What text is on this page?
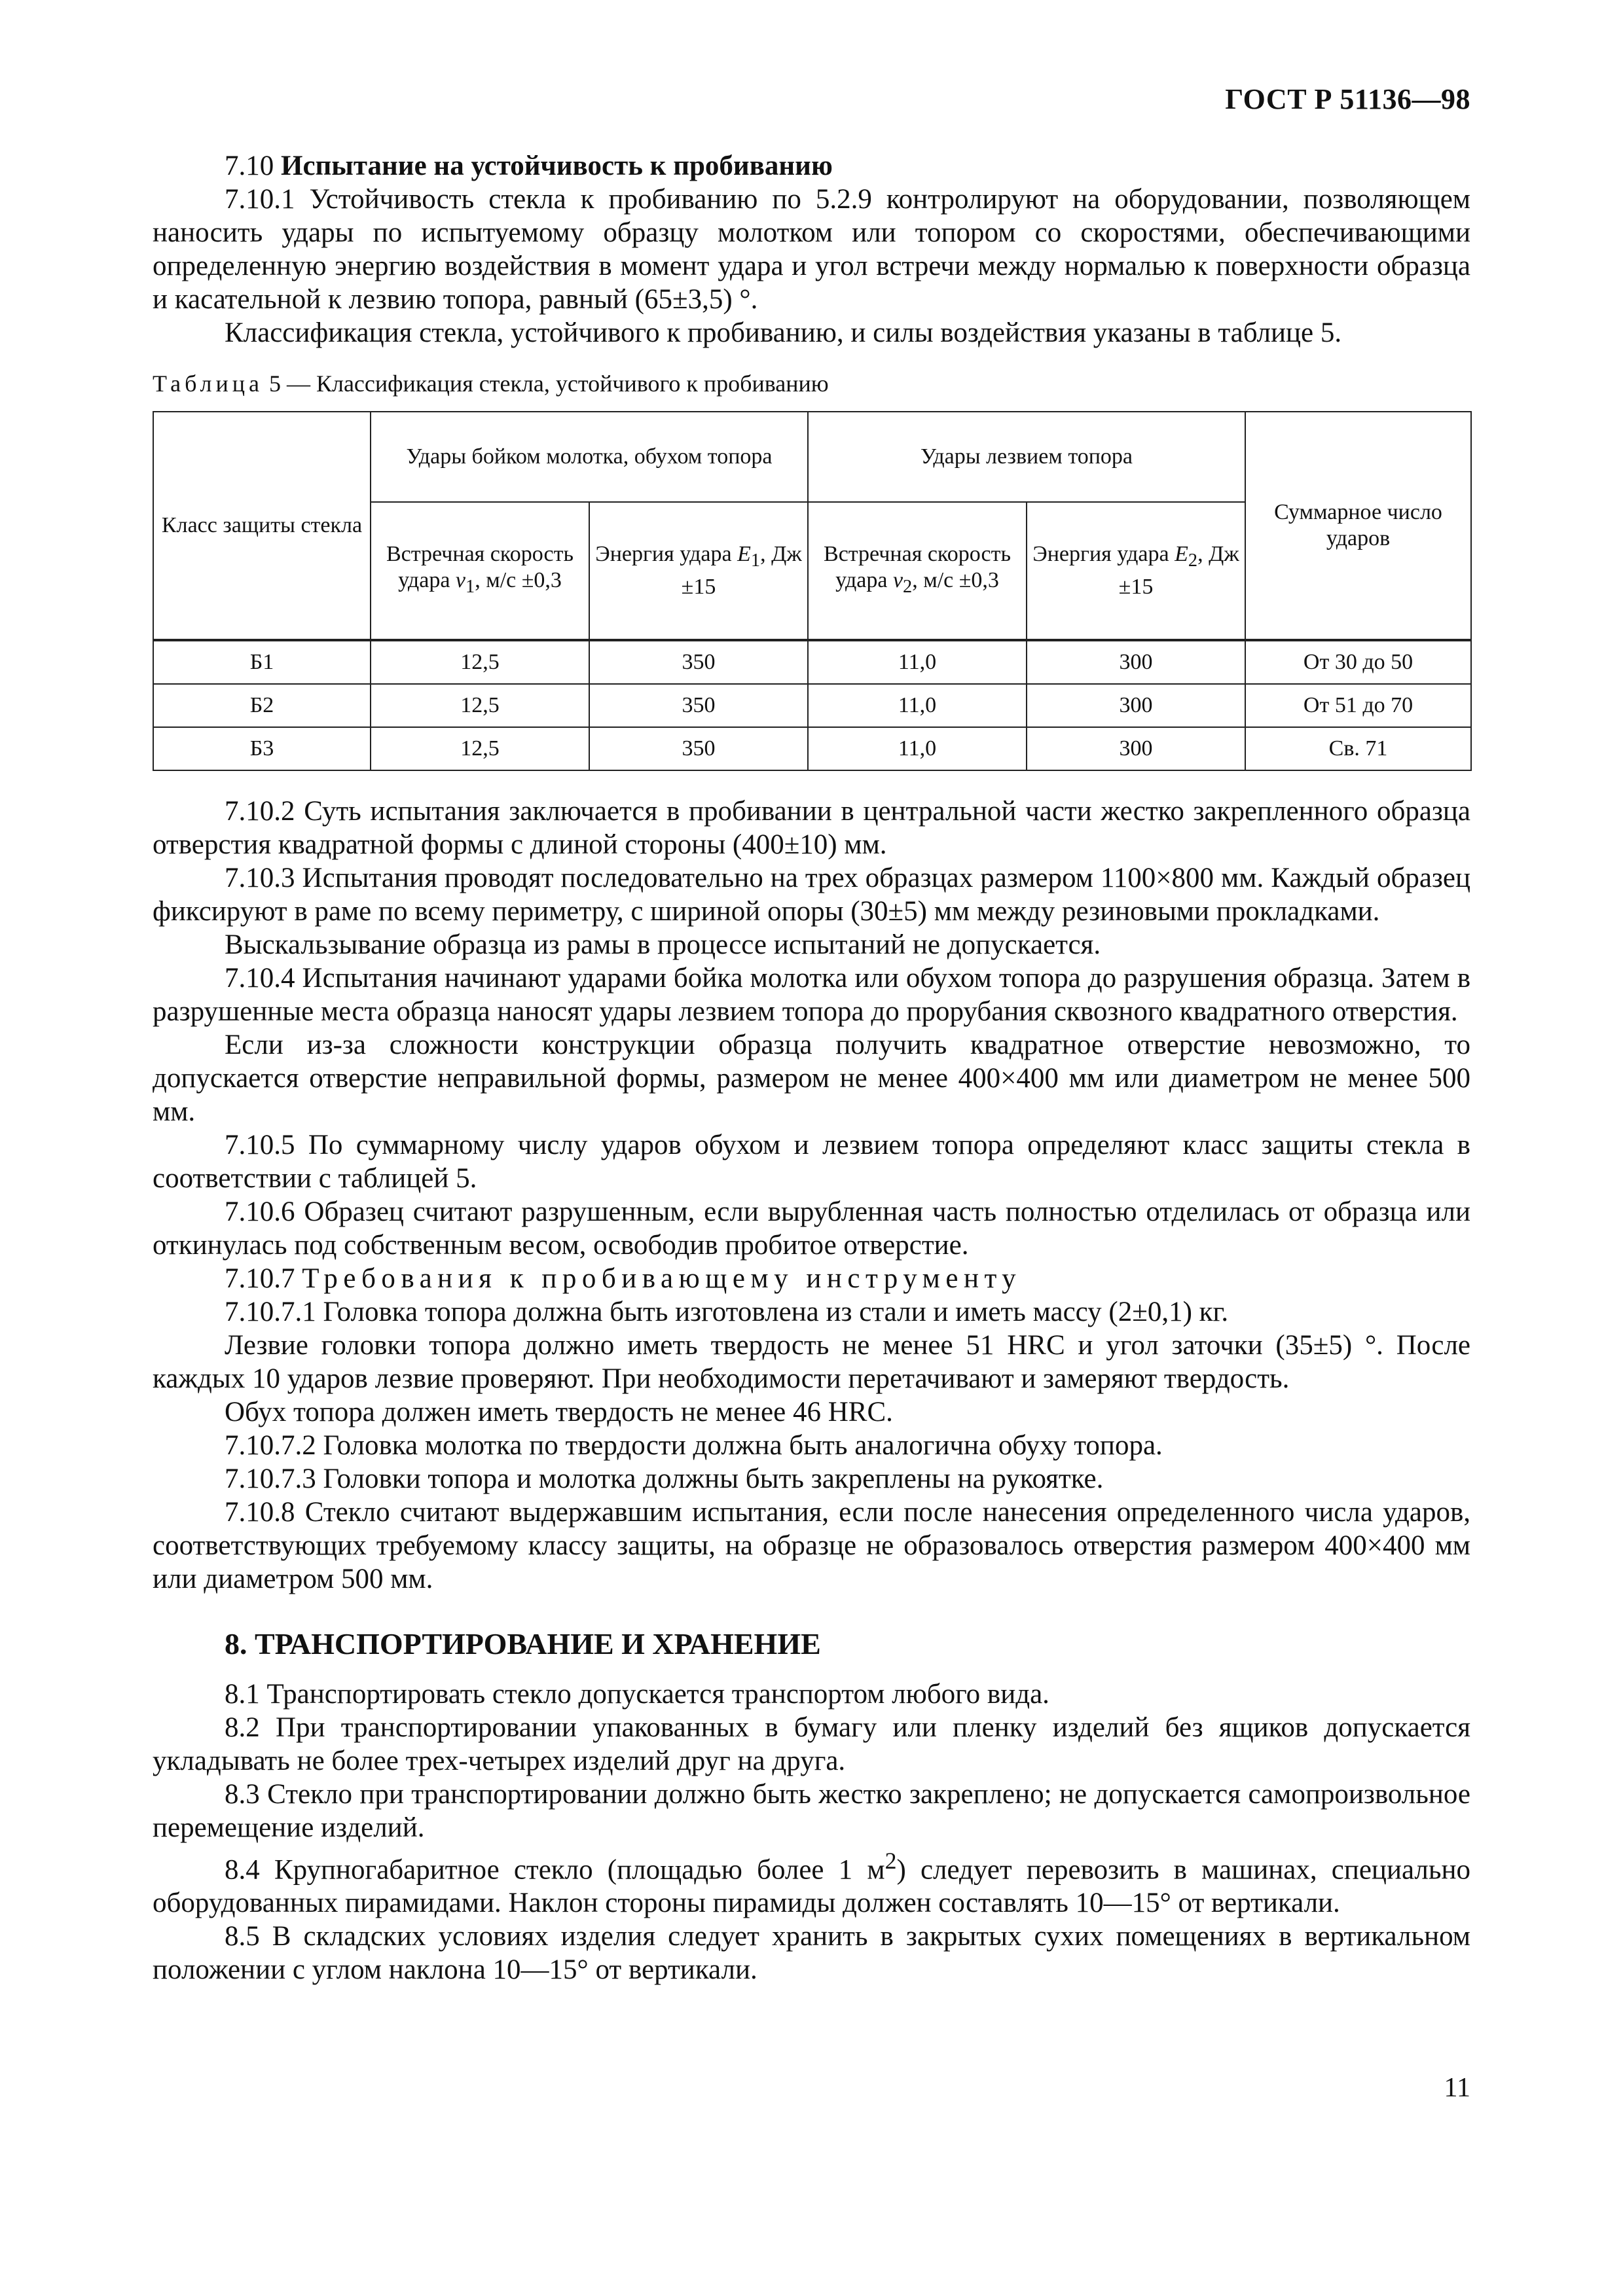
ГОСТ Р 51136—98

7.10 Испытание на устойчивость к пробиванию

7.10.1 Устойчивость стекла к пробиванию по 5.2.9 контролируют на оборудовании, позволяющем наносить удары по испытуемому образцу молотком или топором со скоростями, обеспечивающими определенную энергию воздействия в момент удара и угол встречи между нормалью к поверхности образца и касательной к лезвию топора, равный (65±3,5) °.

Классификация стекла, устойчивого к пробиванию, и силы воздействия указаны в таблице 5.

Таблица 5 — Классификация стекла, устойчивого к пробиванию
Класс защиты стекла	Удары бойком молотка, обухом топора		Удары лезвием топора		Суммарное число ударов
	Встречная скорость удара $v_1$, м/с ±0,3	Энергия удара $E_1$, Дж ±15	Встречная скорость удара $v_2$, м/с ±0,3	Энергия удара $E_2$, Дж ±15	
Б1	12,5	350	11,0	300	От 30 до 50
Б2	12,5	350	11,0	300	От 51 до 70
Б3	12,5	350	11,0	300	Св. 71

7.10.2 Суть испытания заключается в пробивании в центральной части жестко закрепленного образца отверстия квадратной формы с длиной стороны (400±10) мм.

7.10.3 Испытания проводят последовательно на трех образцах размером 1100×800 мм. Каждый образец фиксируют в раме по всему периметру, с шириной опоры (30±5) мм между резиновыми прокладками.

Выскальзывание образца из рамы в процессе испытаний не допускается.

7.10.4 Испытания начинают ударами бойка молотка или обухом топора до разрушения образца. Затем в разрушенные места образца наносят удары лезвием топора до прорубания сквозного квадратного отверстия.

Если из-за сложности конструкции образца получить квадратное отверстие невозможно, то допускается отверстие неправильной формы, размером не менее 400×400 мм или диаметром не менее 500 мм.

7.10.5 По суммарному числу ударов обухом и лезвием топора определяют класс защиты стекла в соответствии с таблицей 5.

7.10.6 Образец считают разрушенным, если вырубленная часть полностью отделилась от образца или откинулась под собственным весом, освободив пробитое отверстие.

7.10.7 Требования к пробивающему инструменту

7.10.7.1 Головка топора должна быть изготовлена из стали и иметь массу (2±0,1) кг.

Лезвие головки топора должно иметь твердость не менее 51 HRC и угол заточки (35±5) °. После каждых 10 ударов лезвие проверяют. При необходимости перетачивают и замеряют твердость.

Обух топора должен иметь твердость не менее 46 HRC.

7.10.7.2 Головка молотка по твердости должна быть аналогична обуху топора.

7.10.7.3 Головки топора и молотка должны быть закреплены на рукоятке.

7.10.8 Стекло считают выдержавшим испытания, если после нанесения определенного числа ударов, соответствующих требуемому классу защиты, на образце не образовалось отверстия размером 400×400 мм или диаметром 500 мм.

8. ТРАНСПОРТИРОВАНИЕ И ХРАНЕНИЕ

8.1 Транспортировать стекло допускается транспортом любого вида.

8.2 При транспортировании упакованных в бумагу или пленку изделий без ящиков допускается укладывать не более трех-четырех изделий друг на друга.

8.3 Стекло при транспортировании должно быть жестко закреплено; не допускается самопроизвольное перемещение изделий.

8.4 Крупногабаритное стекло (площадью более 1 $м^2$) следует перевозить в машинах, специально оборудованных пирамидами. Наклон стороны пирамиды должен составлять 10—15° от вертикали.

8.5 В складских условиях изделия следует хранить в закрытых сухих помещениях в вертикальном положении с углом наклона 10—15° от вертикали.

11
